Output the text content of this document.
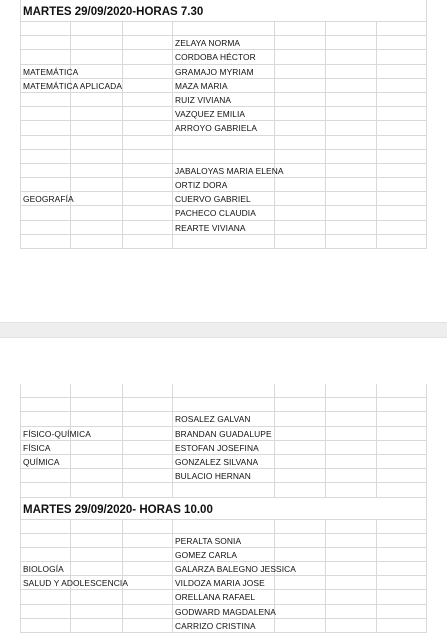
MARTES 29/09/2020-HORAS 7.30
ZELAYA NORMA
CORDOBA HÉCTOR
MATEMÁTICA	GRAMAJO MYRIAM
MATEMÁTICA APLICADA	MAZA MARIA
RUIZ VIVIANA
VAZQUEZ EMILIA
ARROYO GABRIELA
JABALOYAS MARIA ELENA
ORTIZ DORA
GEOGRAFÍA	CUERVO GABRIEL
PACHECO CLAUDIA
REARTE VIVIANA
ROSALEZ GALVAN
FÍSICO-QUÍMICA	BRANDAN GUADALUPE
FÍSICA	ESTOFAN JOSEFINA
QUÍMICA	GONZALEZ SILVANA
BULACIO HERNAN
MARTES 29/09/2020- HORAS 10.00
PERALTA SONIA
GOMEZ CARLA
BIOLOGÍA	GALARZA BALEGNO JESSICA
SALUD Y ADOLESCENCIA	VILDOZA MARIA JOSE
ORELLANA RAFAEL
GODWARD MAGDALENA
CARRIZO CRISTINA
